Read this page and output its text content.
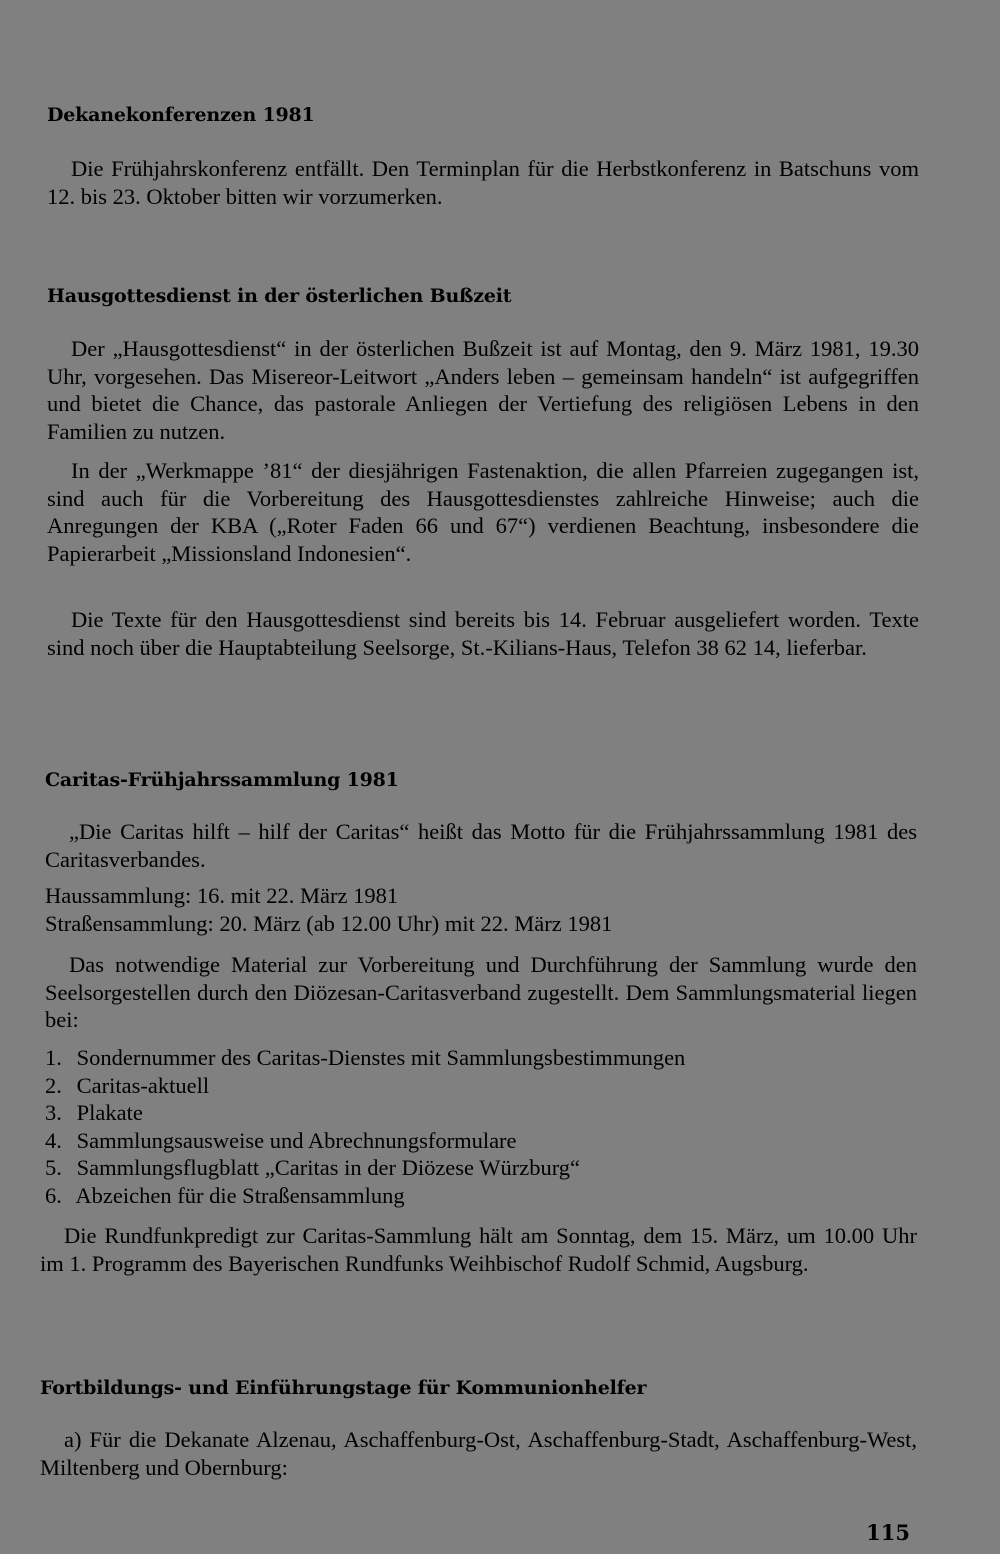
Dekanekonferenzen 1981

Die Frühjahrskonferenz entfällt. Den Terminplan für die Herbstkonferenz in Batschuns vom 12. bis 23. Oktober bitten wir vorzumerken.

Hausgottesdienst in der österlichen Bußzeit

Der „Hausgottesdienst“ in der österlichen Bußzeit ist auf Montag, den 9. März 1981, 19.30 Uhr, vorgesehen. Das Misereor-Leitwort „Anders leben – gemeinsam handeln“ ist aufgegriffen und bietet die Chance, das pastorale Anliegen der Vertiefung des religiösen Lebens in den Familien zu nutzen.

In der „Werkmappe ’81“ der diesjährigen Fastenaktion, die allen Pfarreien zugegangen ist, sind auch für die Vorbereitung des Hausgottesdienstes zahlreiche Hinweise; auch die Anregungen der KBA („Roter Faden 66 und 67“) verdienen Beachtung, insbesondere die Papierarbeit „Missionsland Indonesien“.

Die Texte für den Hausgottesdienst sind bereits bis 14. Februar ausgeliefert worden. Texte sind noch über die Hauptabteilung Seelsorge, St.-Kilians-Haus, Telefon 38 62 14, lieferbar.

Caritas-Frühjahrssammlung 1981

„Die Caritas hilft – hilf der Caritas“ heißt das Motto für die Frühjahrssammlung 1981 des Caritasverbandes.

Haussammlung: 16. mit 22. März 1981

Straßensammlung: 20. März (ab 12.00 Uhr) mit 22. März 1981

Das notwendige Material zur Vorbereitung und Durchführung der Sammlung wurde den Seelsorgestellen durch den Diözesan-Caritasverband zugestellt. Dem Sammlungsmaterial liegen bei:

1. Sondernummer des Caritas-Dienstes mit Sammlungsbestimmungen
2. Caritas-aktuell
3. Plakate
4. Sammlungsausweise und Abrechnungsformulare
5. Sammlungsflugblatt „Caritas in der Diözese Würzburg“
6. Abzeichen für die Straßensammlung

Die Rundfunkpredigt zur Caritas-Sammlung hält am Sonntag, dem 15. März, um 10.00 Uhr im 1. Programm des Bayerischen Rundfunks Weihbischof Rudolf Schmid, Augsburg.

Fortbildungs- und Einführungstage für Kommunionhelfer

a) Für die Dekanate Alzenau, Aschaffenburg-Ost, Aschaffenburg-Stadt, Aschaffenburg-West, Miltenberg und Obernburg:

115
